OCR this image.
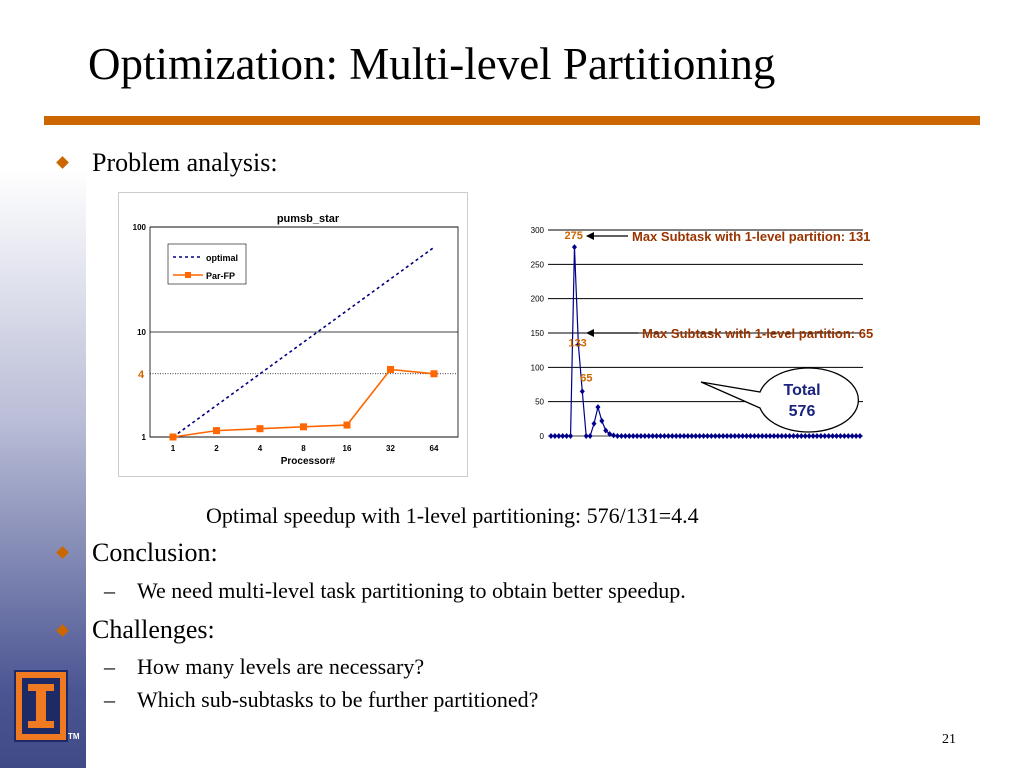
Optimization: Multi-level Partitioning
Problem analysis:
pumsb_star
1
10
100
1	2	4	8	16	32	64
Processor#
optimal
Par-FP
4
0
50
100
150
200
250
300 275
133
65
Max Subtask with 1-level partition: 131
Max Subtask with 1-level partition: 65
Total
576
Optimal speedup with 1-level partitioning: 576/131=4.4
Conclusion:
– We need multi-level task partitioning to obtain better speedup.
Challenges:
– How many levels are necessary?
– Which sub-subtasks to be further partitioned?
TM	21
